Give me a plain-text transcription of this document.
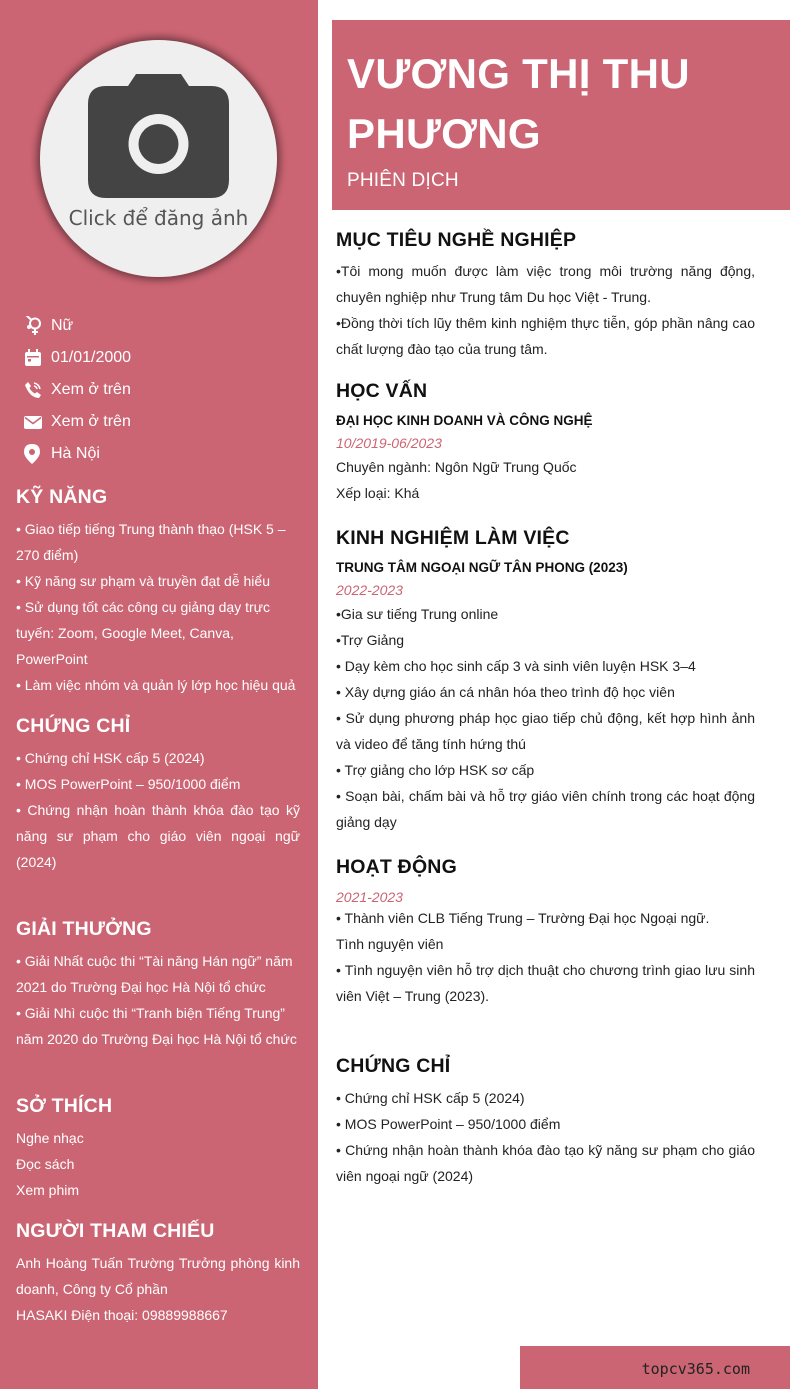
Click để đăng ảnh
Nữ
01/01/2000
Xem ở trên
Xem ở trên
Hà Nội
KỸ NĂNG
• Giao tiếp tiếng Trung thành thạo (HSK 5 – 270 điểm)
• Kỹ năng sư phạm và truyền đạt dễ hiểu
• Sử dụng tốt các công cụ giảng dạy trực tuyến: Zoom, Google Meet, Canva, PowerPoint
• Làm việc nhóm và quản lý lớp học hiệu quả
CHỨNG CHỈ
• Chứng chỉ HSK cấp 5 (2024)
• MOS PowerPoint – 950/1000 điểm
• Chứng nhận hoàn thành khóa đào tạo kỹ năng sư phạm cho giáo viên ngoại ngữ (2024)
GIẢI THƯỞNG
• Giải Nhất cuộc thi “Tài năng Hán ngữ” năm 2021 do Trường Đại học Hà Nội tổ chức
• Giải Nhì cuộc thi “Tranh biện Tiếng Trung” năm 2020 do Trường Đại học Hà Nội tổ chức
SỞ THÍCH
Nghe nhạc
Đọc sách
Xem phim
NGƯỜI THAM CHIẾU
Anh Hoàng Tuấn Trường Trưởng phòng kinh doanh, Công ty Cổ phần
HASAKI Điện thoại: 09889988667
VƯƠNG THỊ THU
PHƯƠNG
PHIÊN DỊCH
MỤC TIÊU NGHỀ NGHIỆP
•Tôi mong muốn được làm việc trong môi trường năng động, chuyên nghiệp như Trung tâm Du học Việt - Trung.
•Đồng thời tích lũy thêm kinh nghiệm thực tiễn, góp phần nâng cao chất lượng đào tạo của trung tâm.
HỌC VẤN
ĐẠI HỌC KINH DOANH VÀ CÔNG NGHỆ
10/2019-06/2023
Chuyên ngành: Ngôn Ngữ Trung Quốc
Xếp loại: Khá
KINH NGHIỆM LÀM VIỆC
TRUNG TÂM NGOẠI NGỮ TÂN PHONG (2023)
2022-2023
•Gia sư tiếng Trung online
•Trợ Giảng
• Dạy kèm cho học sinh cấp 3 và sinh viên luyện HSK 3–4
• Xây dựng giáo án cá nhân hóa theo trình độ học viên
• Sử dụng phương pháp học giao tiếp chủ động, kết hợp hình ảnh và video để tăng tính hứng thú
• Trợ giảng cho lớp HSK sơ cấp
• Soạn bài, chấm bài và hỗ trợ giáo viên chính trong các hoạt động giảng dạy
HOẠT ĐỘNG
2021-2023
• Thành viên CLB Tiếng Trung – Trường Đại học Ngoại ngữ.
Tình nguyện viên
• Tình nguyện viên hỗ trợ dịch thuật cho chương trình giao lưu sinh viên Việt – Trung (2023).
CHỨNG CHỈ
• Chứng chỉ HSK cấp 5 (2024)
• MOS PowerPoint – 950/1000 điểm
• Chứng nhận hoàn thành khóa đào tạo kỹ năng sư phạm cho giáo viên ngoại ngữ (2024)
topcv365.com
